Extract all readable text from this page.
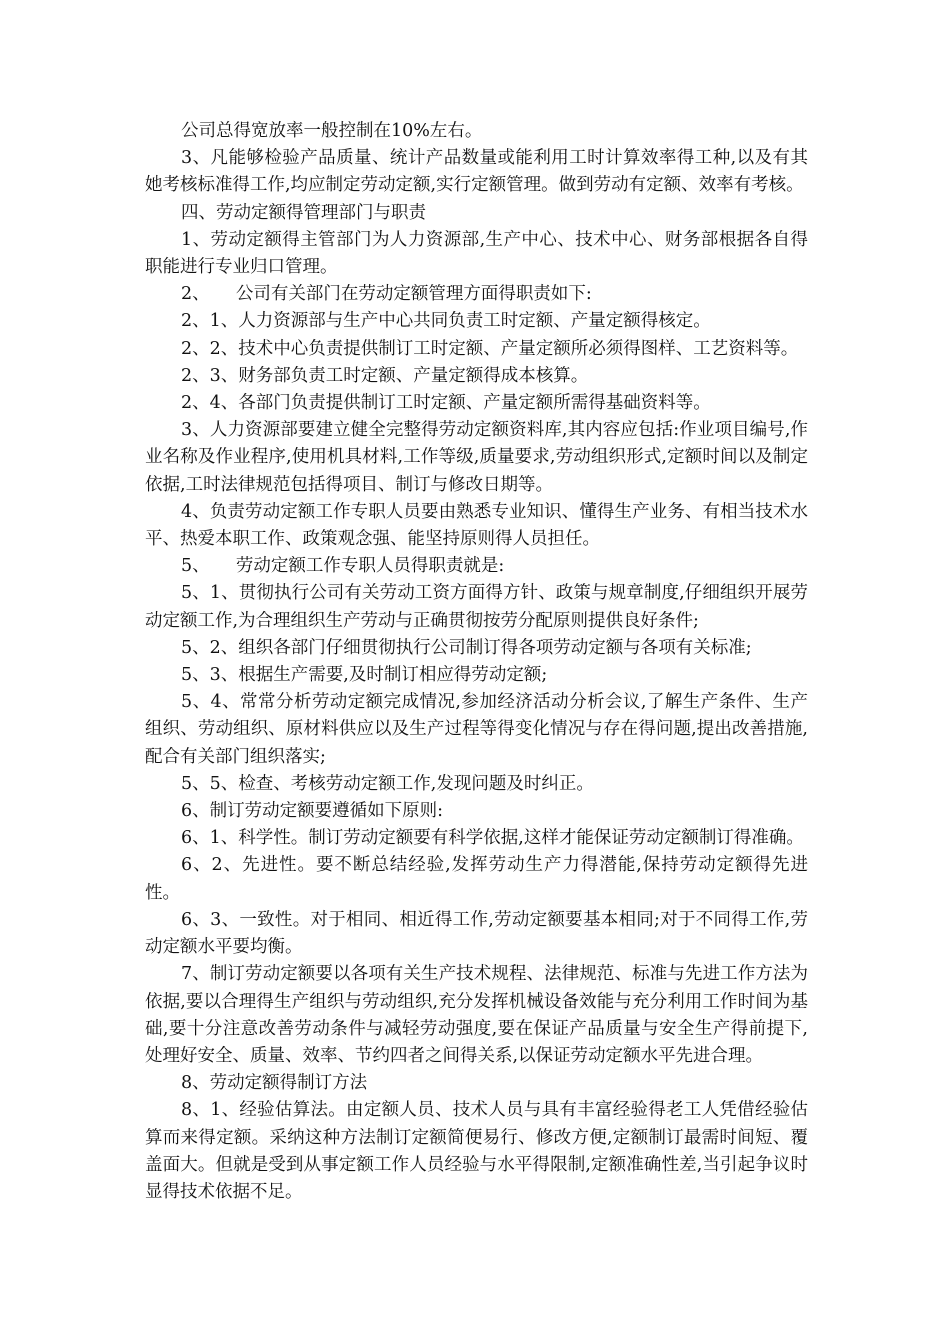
公司总得宽放率一般控制在10%左右。

3、凡能够检验产品质量、统计产品数量或能利用工时计算效率得工种,以及有其她考核标准得工作,均应制定劳动定额,实行定额管理。做到劳动有定额、效率有考核。

四、劳动定额得管理部门与职责

1、劳动定额得主管部门为人力资源部,生产中心、技术中心、财务部根据各自得职能进行专业归口管理。

2、　　公司有关部门在劳动定额管理方面得职责如下:

2、1、人力资源部与生产中心共同负责工时定额、产量定额得核定。

2、2、技术中心负责提供制订工时定额、产量定额所必须得图样、工艺资料等。

2、3、财务部负责工时定额、产量定额得成本核算。

2、4、各部门负责提供制订工时定额、产量定额所需得基础资料等。

3、人力资源部要建立健全完整得劳动定额资料库,其内容应包括:作业项目编号,作业名称及作业程序,使用机具材料,工作等级,质量要求,劳动组织形式,定额时间以及制定依据,工时法律规范包括得项目、制订与修改日期等。

4、负责劳动定额工作专职人员要由熟悉专业知识、懂得生产业务、有相当技术水平、热爱本职工作、政策观念强、能坚持原则得人员担任。

5、　　劳动定额工作专职人员得职责就是:

5、1、贯彻执行公司有关劳动工资方面得方针、政策与规章制度,仔细组织开展劳动定额工作,为合理组织生产劳动与正确贯彻按劳分配原则提供良好条件;

5、2、组织各部门仔细贯彻执行公司制订得各项劳动定额与各项有关标准;

5、3、根据生产需要,及时制订相应得劳动定额;

5、4、常常分析劳动定额完成情况,参加经济活动分析会议,了解生产条件、生产组织、劳动组织、原材料供应以及生产过程等得变化情况与存在得问题,提出改善措施,配合有关部门组织落实;

5、5、检查、考核劳动定额工作,发现问题及时纠正。

6、制订劳动定额要遵循如下原则:

6、1、科学性。制订劳动定额要有科学依据,这样才能保证劳动定额制订得准确。

6、2、先进性。要不断总结经验,发挥劳动生产力得潜能,保持劳动定额得先进性。

6、3、一致性。对于相同、相近得工作,劳动定额要基本相同;对于不同得工作,劳动定额水平要均衡。

7、制订劳动定额要以各项有关生产技术规程、法律规范、标准与先进工作方法为依据,要以合理得生产组织与劳动组织,充分发挥机械设备效能与充分利用工作时间为基础,要十分注意改善劳动条件与减轻劳动强度,要在保证产品质量与安全生产得前提下,处理好安全、质量、效率、节约四者之间得关系,以保证劳动定额水平先进合理。

8、劳动定额得制订方法

8、1、经验估算法。由定额人员、技术人员与具有丰富经验得老工人凭借经验估算而来得定额。采纳这种方法制订定额简便易行、修改方便,定额制订最需时间短、覆盖面大。但就是受到从事定额工作人员经验与水平得限制,定额准确性差,当引起争议时显得技术依据不足。
